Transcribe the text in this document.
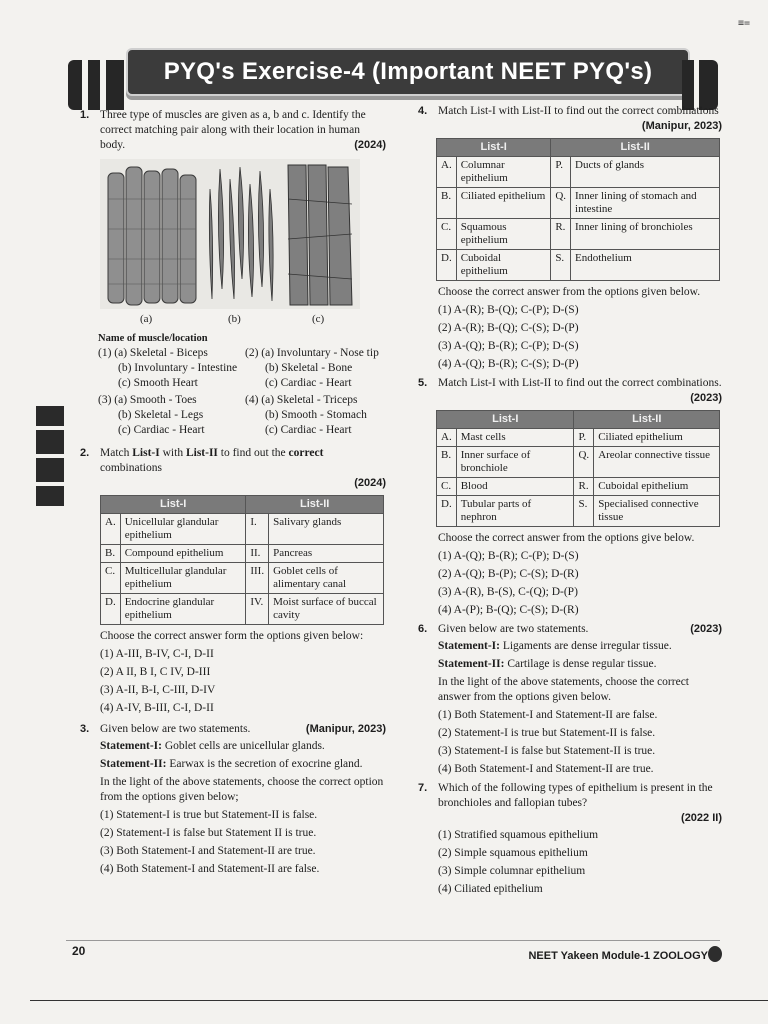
≡=
PYQ's Exercise-4 (Important NEET PYQ's)
1. Three type of muscles are given as a, b and c. Identify the correct matching pair along with their location in human body.	(2024)
(a)	(b)	(c)
Name of muscle/location
(1) (a) Skeletal - Biceps
(b) Involuntary - Intestine
(c) Smooth Heart
(2) (a) Involuntary - Nose tip
(b) Skeletal - Bone
(c) Cardiac - Heart
(3) (a) Smooth - Toes
(b) Skeletal - Legs
(c) Cardiac - Heart
(4) (a) Skeletal - Triceps
(b) Smooth - Stomach
(c) Cardiac - Heart
2. Match List-I with List-II to find out the correct combinations
(2024)
List-I		List-II	
A.	Unicellular glandular epithelium	I.	Salivary glands
B.	Compound epithelium	II.	Pancreas
C.	Multicellular glandular epithelium	III.	Goblet cells of alimentary canal
D.	Endocrine glandular epithelium	IV.	Moist surface of buccal cavity
Choose the correct answer form the options given below:
(1) A-III, B-IV, C-I, D-II
(2) A II, B I, C IV, D-III
(3) A-II, B-I, C-III, D-IV
(4) A-IV, B-III, C-I, D-II
3. Given below are two statements.	(Manipur, 2023)
Statement-I: Goblet cells are unicellular glands.
Statement-II: Earwax is the secretion of exocrine gland.
In the light of the above statements, choose the correct option from the options given below;
(1) Statement-I is true but Statement-II is false.
(2) Statement-I is false but Statement II is true.
(3) Both Statement-I and Statement-II are true.
(4) Both Statement-I and Statement-II are false.
4. Match List-I with List-II to find out the correct combinations
(Manipur, 2023)
List-I		List-II	
A.	Columnar epithelium	P.	Ducts of glands
B.	Ciliated epithelium	Q.	Inner lining of stomach and intestine
C.	Squamous epithelium	R.	Inner lining of bronchioles
D.	Cuboidal epithelium	S.	Endothelium
Choose the correct answer from the options given below.
(1) A-(R); B-(Q); C-(P); D-(S)
(2) A-(R); B-(Q); C-(S); D-(P)
(3) A-(Q); B-(R); C-(P); D-(S)
(4) A-(Q); B-(R); C-(S); D-(P)
5. Match List-I with List-II to find out the correct combinations.
(2023)
List-I		List-II	
A.	Mast cells	P.	Ciliated epithelium
B.	Inner surface of bronchiole	Q.	Areolar connective tissue
C.	Blood	R.	Cuboidal epithelium
D.	Tubular parts of nephron	S.	Specialised connective tissue
Choose the correct answer from the options give below.
(1) A-(Q); B-(R); C-(P); D-(S)
(2) A-(Q); B-(P); C-(S); D-(R)
(3) A-(R), B-(S), C-(Q); D-(P)
(4) A-(P); B-(Q); C-(S); D-(R)
6. Given below are two statements.	(2023)
Statement-I: Ligaments are dense irregular tissue.
Statement-II: Cartilage is dense regular tissue.
In the light of the above statements, choose the correct answer from the options given below.
(1) Both Statement-I and Statement-II are false.
(2) Statement-I is true but Statement-II is false.
(3) Statement-I is false but Statement-II is true.
(4) Both Statement-I and Statement-II are true.
7. Which of the following types of epithelium is present in the bronchioles and fallopian tubes?
(2022 II)
(1) Stratified squamous epithelium
(2) Simple squamous epithelium
(3) Simple columnar epithelium
(4) Ciliated epithelium
20	NEET Yakeen Module-1 ZOOLOGY
